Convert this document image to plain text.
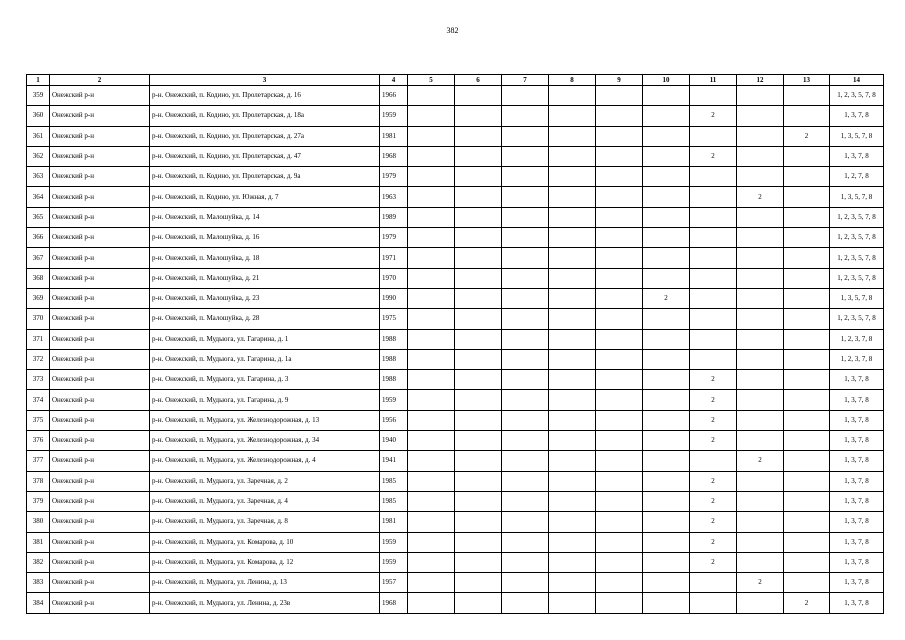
382
1	2	3	4	5	6	7	8	9	10	11	12	13	14
359	Онежский р-н	р-н. Онежский, п. Кодино, ул. Пролетарская, д. 16	1966										1, 2, 3, 5, 7, 8
360	Онежский р-н	р-н. Онежский, п. Кодино, ул. Пролетарская, д. 18а	1959							2			1, 3, 7, 8
361	Онежский р-н	р-н. Онежский, п. Кодино, ул. Пролетарская, д. 27а	1981									2	1, 3, 5, 7, 8
362	Онежский р-н	р-н. Онежский, п. Кодино, ул. Пролетарская, д. 47	1968							2			1, 3, 7, 8
363	Онежский р-н	р-н. Онежский, п. Кодино, ул. Пролетарская, д. 9а	1979										1, 2, 7, 8
364	Онежский р-н	р-н. Онежский, п. Кодино, ул. Южная, д. 7	1963								2		1, 3, 5, 7, 8
365	Онежский р-н	р-н. Онежский, п. Малошуйка, д. 14	1989										1, 2, 3, 5, 7, 8
366	Онежский р-н	р-н. Онежский, п. Малошуйка, д. 16	1979										1, 2, 3, 5, 7, 8
367	Онежский р-н	р-н. Онежский, п. Малошуйка, д. 18	1971										1, 2, 3, 5, 7, 8
368	Онежский р-н	р-н. Онежский, п. Малошуйка, д. 21	1970										1, 2, 3, 5, 7, 8
369	Онежский р-н	р-н. Онежский, п. Малошуйка, д. 23	1990						2				1, 3, 5, 7, 8
370	Онежский р-н	р-н. Онежский, п. Малошуйка, д. 28	1975										1, 2, 3, 5, 7, 8
371	Онежский р-н	р-н. Онежский, п. Мудьюга, ул. Гагарина, д. 1	1988										1, 2, 3, 7, 8
372	Онежский р-н	р-н. Онежский, п. Мудьюга, ул. Гагарина, д. 1а	1988										1, 2, 3, 7, 8
373	Онежский р-н	р-н. Онежский, п. Мудьюга, ул. Гагарина, д. 3	1988							2			1, 3, 7, 8
374	Онежский р-н	р-н. Онежский, п. Мудьюга, ул. Гагарина, д. 9	1959							2			1, 3, 7, 8
375	Онежский р-н	р-н. Онежский, п. Мудьюга, ул. Железнодорожная, д. 13	1956							2			1, 3, 7, 8
376	Онежский р-н	р-н. Онежский, п. Мудьюга, ул. Железнодорожная, д. 34	1940							2			1, 3, 7, 8
377	Онежский р-н	р-н. Онежский, п. Мудьюга, ул. Железнодорожная, д. 4	1941								2		1, 3, 7, 8
378	Онежский р-н	р-н. Онежский, п. Мудьюга, ул. Заречная, д. 2	1985							2			1, 3, 7, 8
379	Онежский р-н	р-н. Онежский, п. Мудьюга, ул. Заречная, д. 4	1985							2			1, 3, 7, 8
380	Онежский р-н	р-н. Онежский, п. Мудьюга, ул. Заречная, д. 8	1981							2			1, 3, 7, 8
381	Онежский р-н	р-н. Онежский, п. Мудьюга, ул. Комарова, д. 10	1959							2			1, 3, 7, 8
382	Онежский р-н	р-н. Онежский, п. Мудьюга, ул. Комарова, д. 12	1959							2			1, 3, 7, 8
383	Онежский р-н	р-н. Онежский, п. Мудьюга, ул. Ленина, д. 13	1957								2		1, 3, 7, 8
384	Онежский р-н	р-н. Онежский, п. Мудьюга, ул. Ленина, д. 23в	1968									2	1, 3, 7, 8
